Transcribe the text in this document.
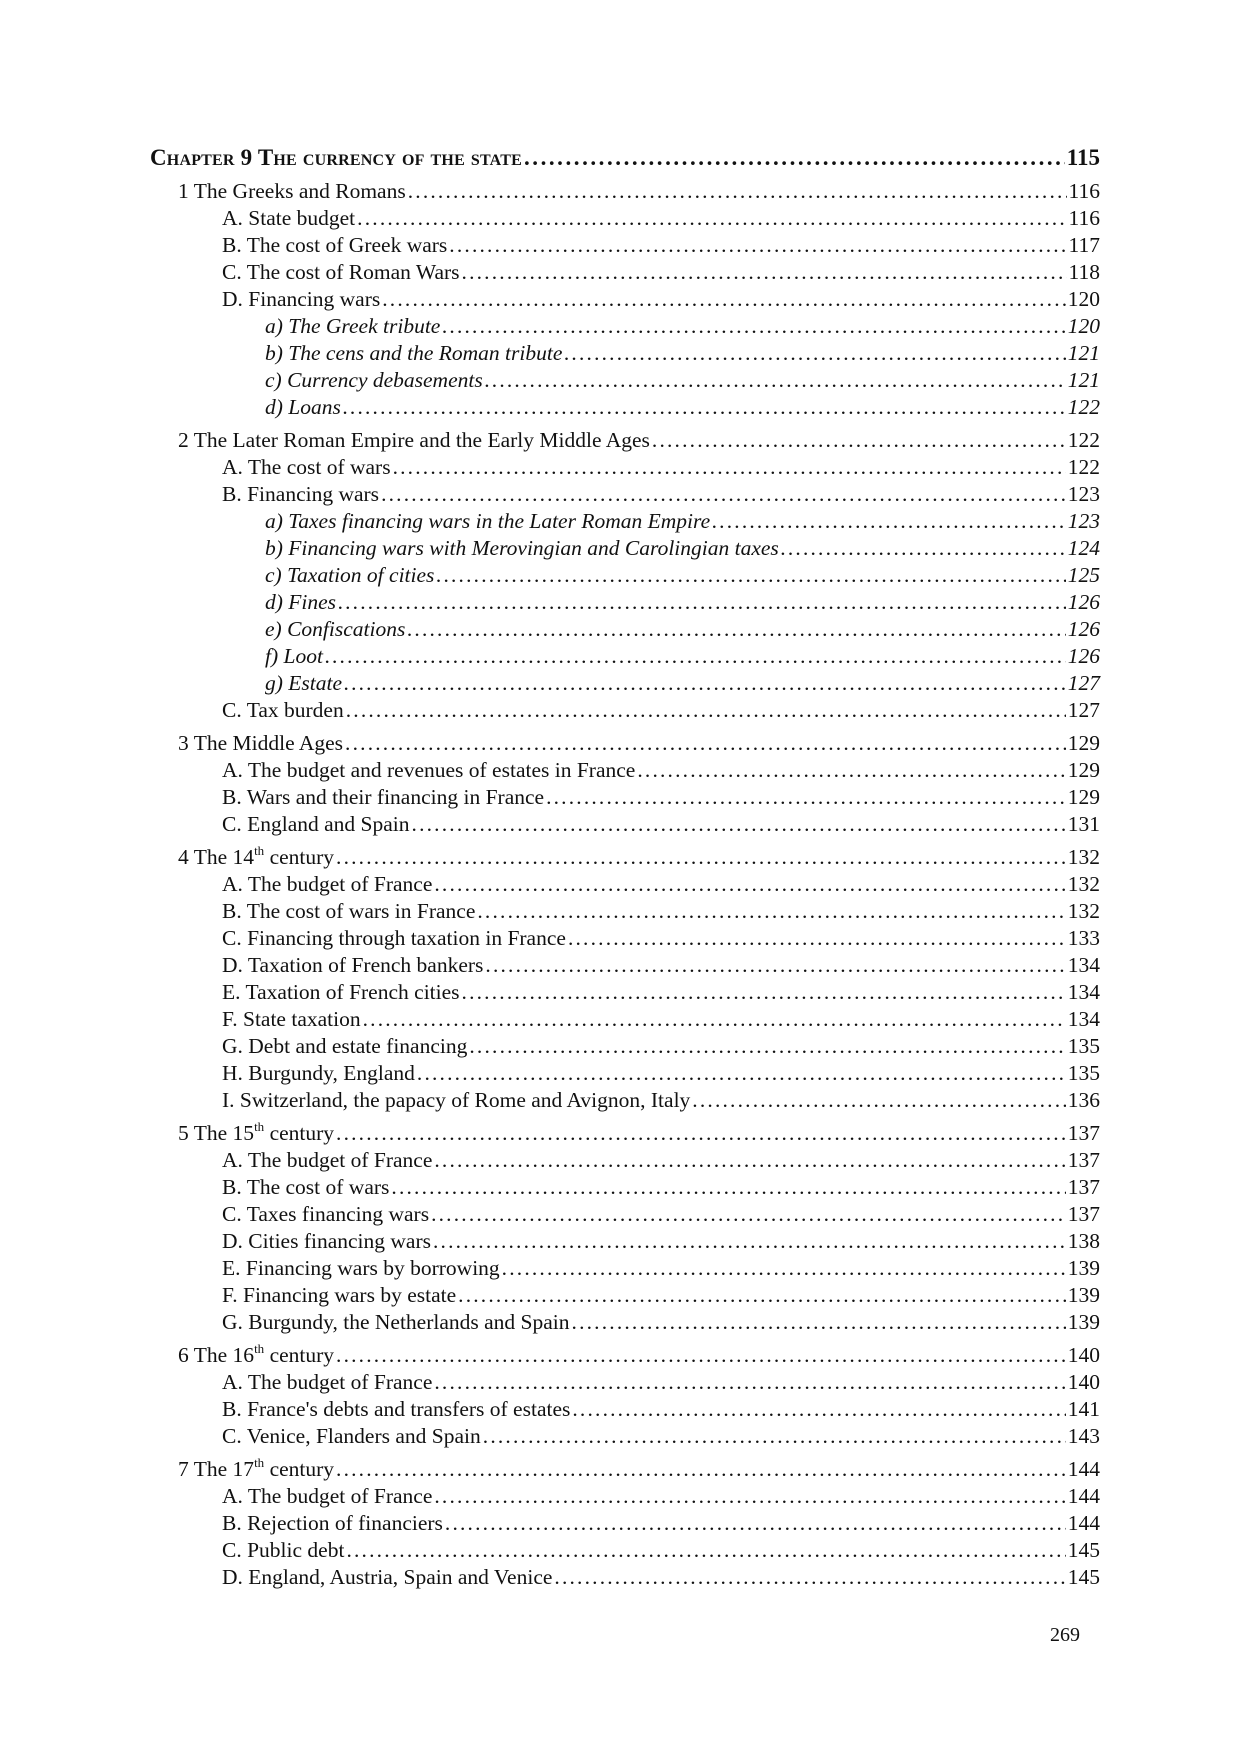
Chapter 9 The currency of the state . . .	115
1 The Greeks and Romans . . .	116
A. State budget . . .	116
B. The cost of Greek wars . . .	117
C. The cost of Roman Wars . . .	118
D. Financing wars . . .	120
a) The Greek tribute . . .	120
b) The cens and the Roman tribute . . .	121
c) Currency debasements . . .	121
d) Loans . . .	122
2 The Later Roman Empire and the Early Middle Ages . . .	122
A. The cost of wars . . .	122
B. Financing wars . . .	123
a) Taxes financing wars in the Later Roman Empire . . .	123
b) Financing wars with Merovingian and Carolingian taxes . . .	124
c) Taxation of cities . . .	125
d) Fines . . .	126
e) Confiscations . . .	126
f) Loot . . .	126
g) Estate . . .	127
C. Tax burden . . .	127
3 The Middle Ages . . .	129
A. The budget and revenues of estates in France . . .	129
B. Wars and their financing in France . . .	129
C. England and Spain . . .	131
4 The 14th century . . .	132
A. The budget of France . . .	132
B. The cost of wars in France . . .	132
C. Financing through taxation in France . . .	133
D. Taxation of French bankers . . .	134
E. Taxation of French cities . . .	134
F. State taxation . . .	134
G. Debt and estate financing . . .	135
H. Burgundy, England . . .	135
I. Switzerland, the papacy of Rome and Avignon, Italy . . .	136
5 The 15th century . . .	137
A. The budget of France . . .	137
B. The cost of wars . . .	137
C. Taxes financing wars . . .	137
D. Cities financing wars . . .	138
E. Financing wars by borrowing . . .	139
F. Financing wars by estate . . .	139
G. Burgundy, the Netherlands and Spain . . .	139
6 The 16th century . . .	140
A. The budget of France . . .	140
B. France's debts and transfers of estates . . .	141
C. Venice, Flanders and Spain . . .	143
7 The 17th century . . .	144
A. The budget of France . . .	144
B. Rejection of financiers . . .	144
C. Public debt . . .	145
D. England, Austria, Spain and Venice . . .	145
269
